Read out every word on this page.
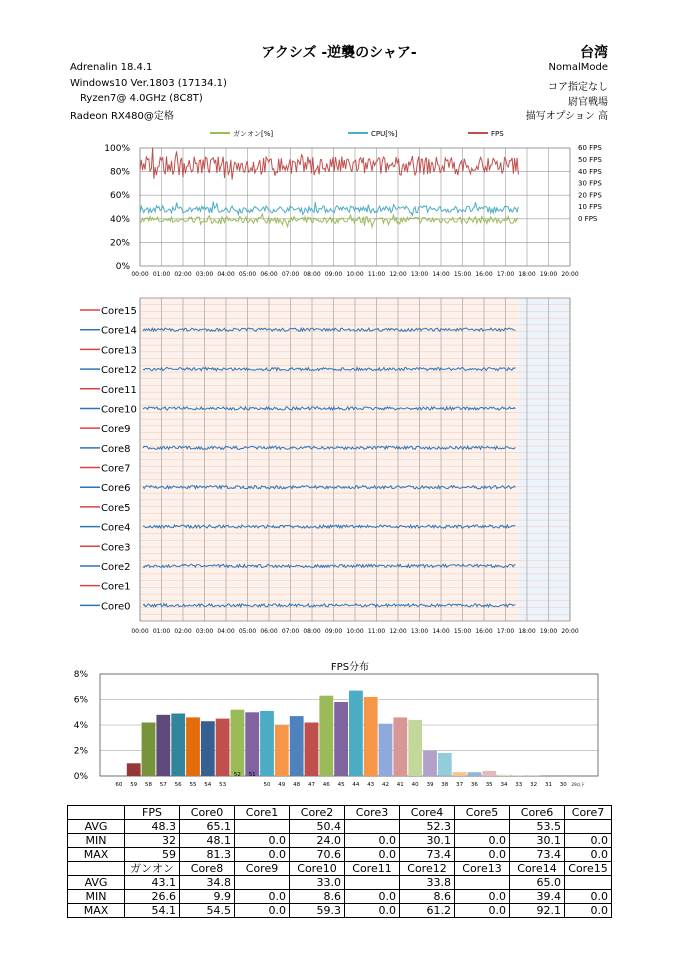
アクシズ -逆襲のシャア-	台湾
Adrenalin 18.4.1
Windows10 Ver.1803 (17134.1)
Ryzen7@ 4.0GHz (8C8T)
Radeon RX480@定格
NomalMode
コア指定なし
尉官戦場
描写オプション 高
ガンオン[%]	CPU[%]	FPS
0%
20%
40%
60%
80%
100%
0 FPS
10 FPS
20 FPS
30 FPS
40 FPS
50 FPS
60 FPS
00:00 01:00 02:00 03:00 04:00 05:00 06:00 07:00 08:00 09:00 10:00 11:00 12:00 13:00 14:00 15:00 16:00 17:00 18:00 19:00 20:00
00:00 01:00 02:00 03:00 04:00 05:00 06:00 07:00 08:00 09:00 10:00 11:00 12:00 13:00 14:00 15:00 16:00 17:00 18:00 19:00 20:00
Core15
Core14
Core13
Core12
Core11
Core10
Core9
Core8
Core7
Core6
Core5
Core4
Core3
Core2
Core1
Core0
FPS分布
0%
2%
4%
6%
8%
60 59 58 57 56 55 54 53
52 51
50 49 48 47 46 45 44 43 42 41 40 39 38 37 36 35 34 33 32 31 30 29以下
	FPS	Core0	Core1	Core2	Core3	Core4	Core5	Core6	Core7
AVG	48.3	65.1		50.4		52.3		53.5	
MIN	32	48.1	0.0	24.0	0.0	30.1	0.0	30.1	0.0
MAX	59	81.3	0.0	70.6	0.0	73.4	0.0	73.4	0.0
	ガンオン	Core8	Core9	Core10	Core11	Core12	Core13	Core14	Core15
AVG	43.1	34.8		33.0		33.8		65.0	
MIN	26.6	9.9	0.0	8.6	0.0	8.6	0.0	39.4	0.0
MAX	54.1	54.5	0.0	59.3	0.0	61.2	0.0	92.1	0.0
